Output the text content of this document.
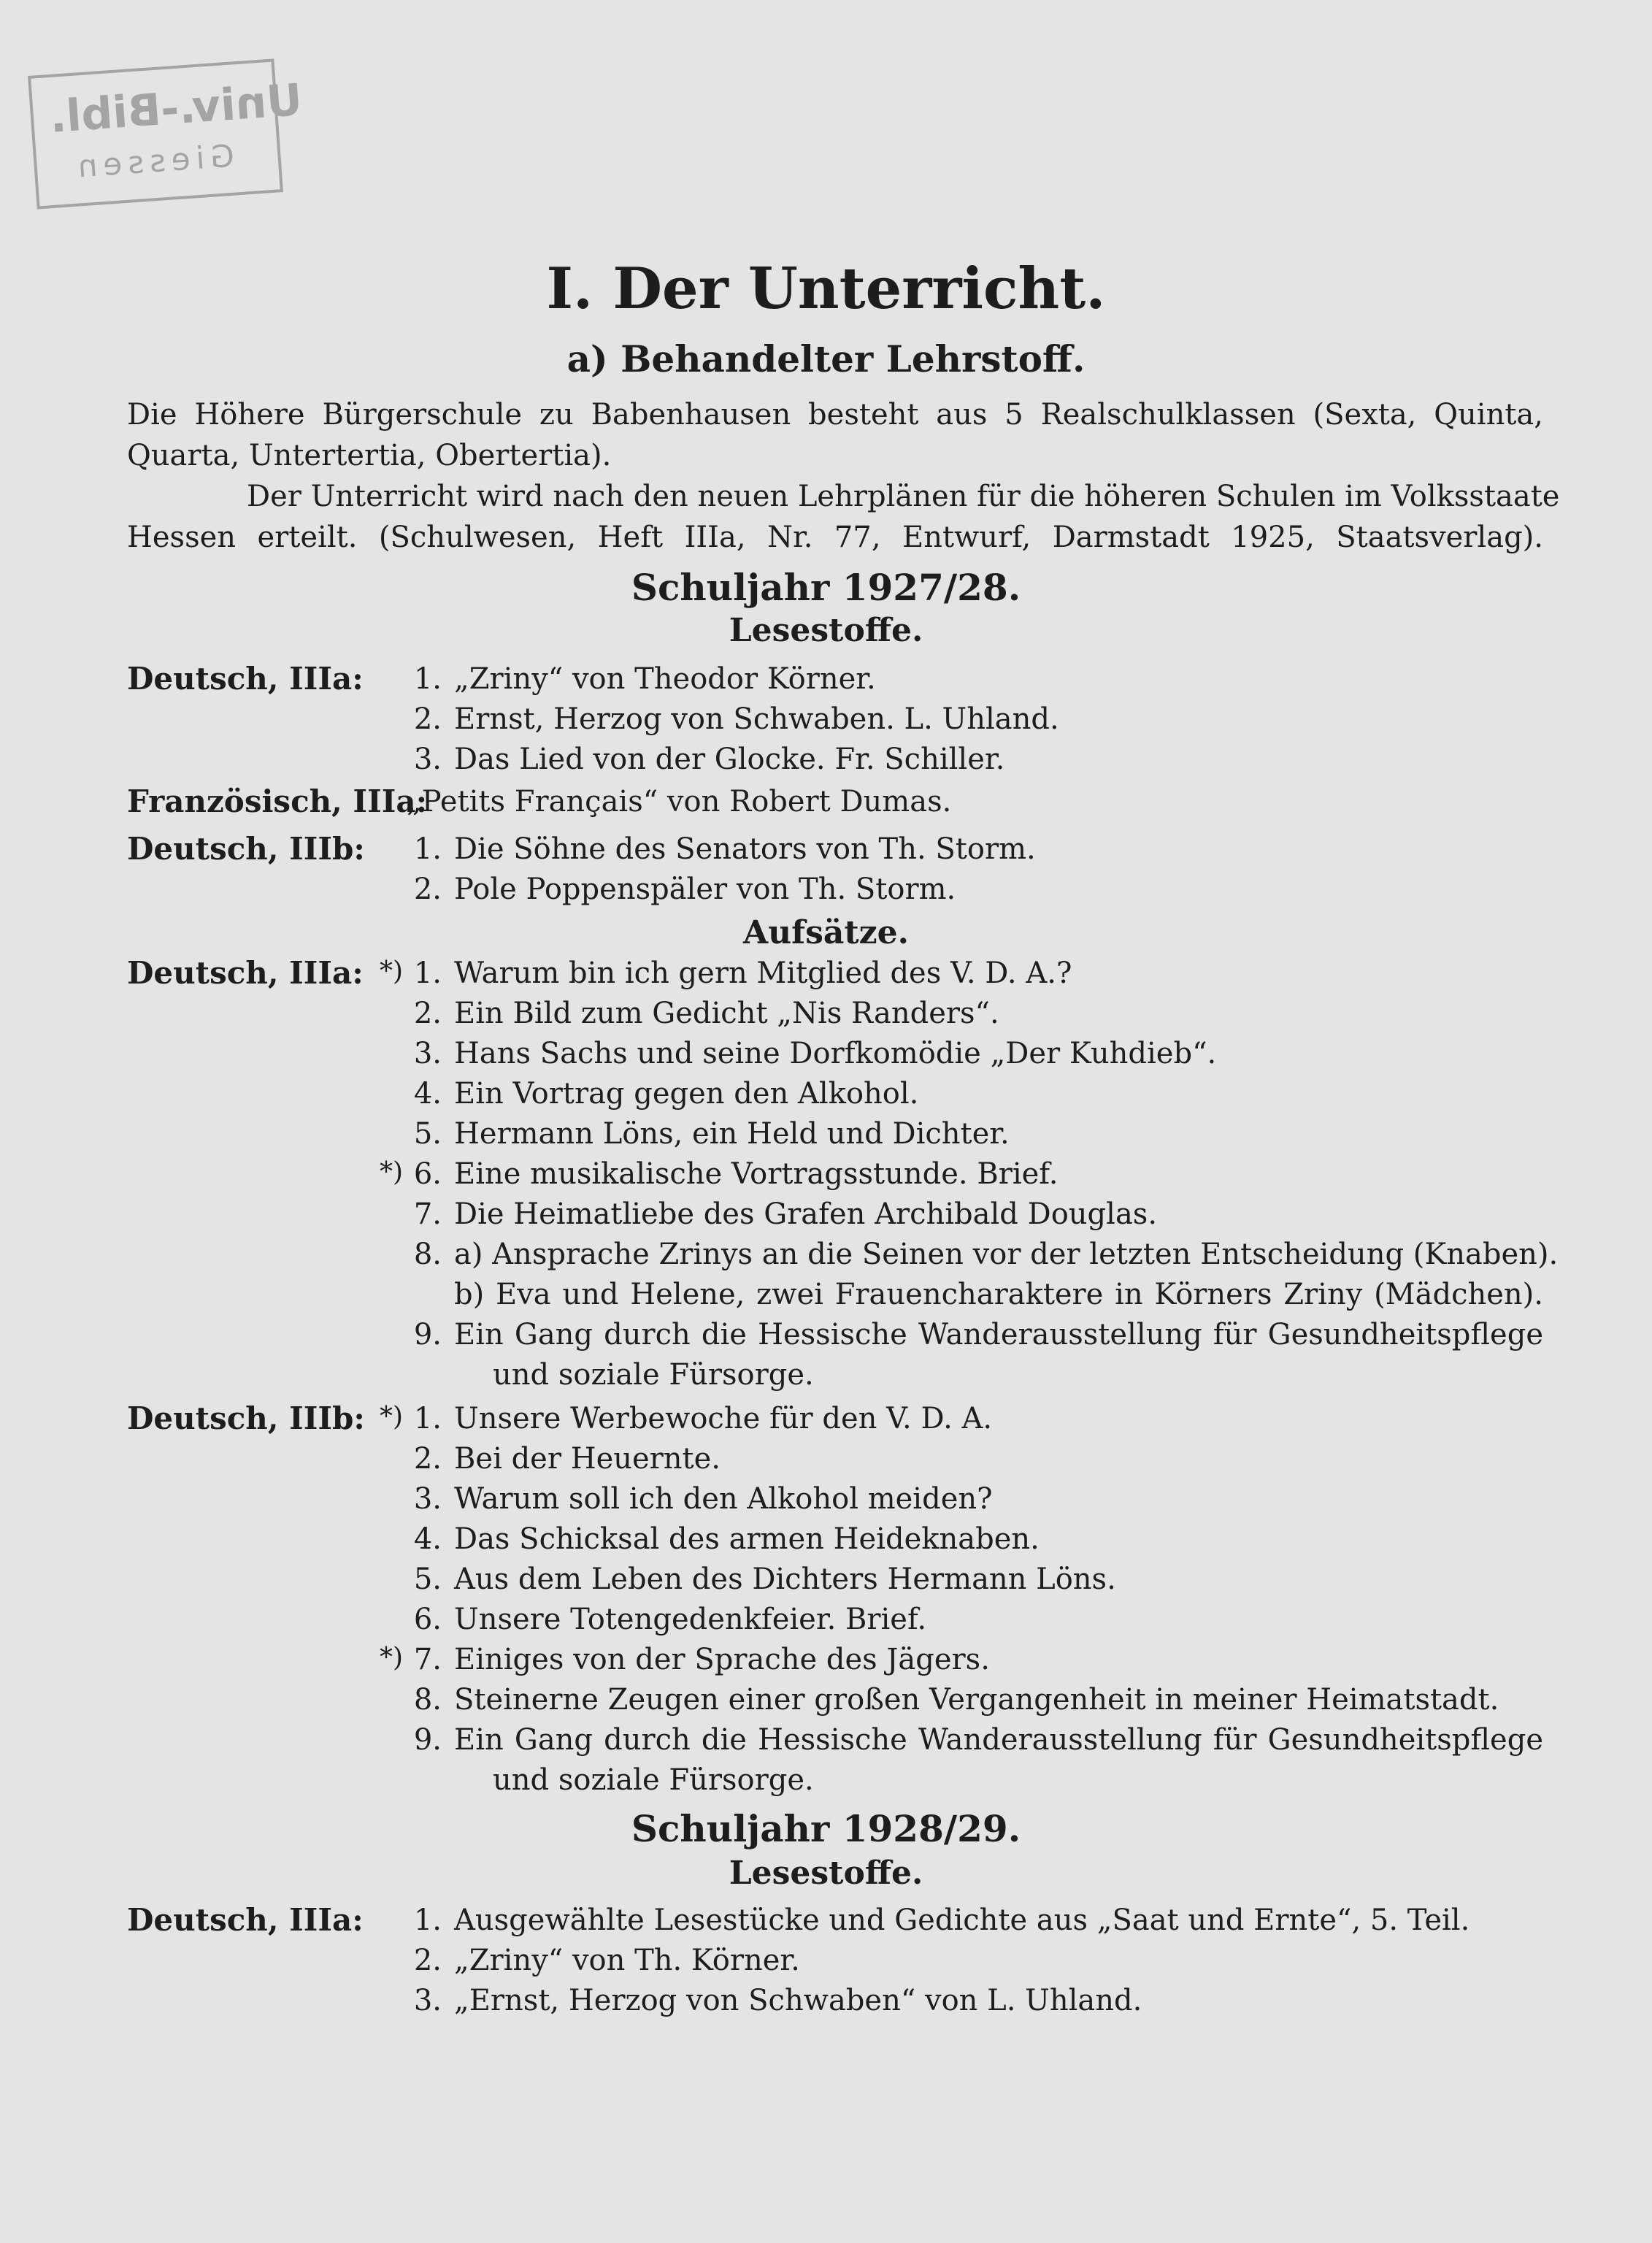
Univ.-Bibl.
Giessen
I. Der Unterricht.
a) Behandelter Lehrstoff.
Die Höhere Bürgerschule zu Babenhausen besteht aus 5 Realschulklassen (Sexta, Quinta,
Quarta, Untertertia, Obertertia).
Der Unterricht wird nach den neuen Lehrplänen für die höheren Schulen im Volksstaate
Hessen erteilt. (Schulwesen, Heft IIIa, Nr. 77, Entwurf, Darmstadt 1925, Staatsverlag).
Schuljahr 1927/28.
Lesestoffe.
Deutsch, IIIa:	1. „Zriny“ von Theodor Körner.
2. Ernst, Herzog von Schwaben. L. Uhland.
3. Das Lied von der Glocke. Fr. Schiller.
Französisch, IIIa:
„Petits Français“ von Robert Dumas.
Deutsch, IIIb:	1. Die Söhne des Senators von Th. Storm.
2. Pole Poppenspäler von Th. Storm.
Aufsätze.
Deutsch, IIIa: *) 1. Warum bin ich gern Mitglied des V. D. A.?
2. Ein Bild zum Gedicht „Nis Randers“.
3. Hans Sachs und seine Dorfkomödie „Der Kuhdieb“.
4. Ein Vortrag gegen den Alkohol.
5. Hermann Löns, ein Held und Dichter.
*) 6. Eine musikalische Vortragsstunde. Brief.
7. Die Heimatliebe des Grafen Archibald Douglas.
8. a) Ansprache Zrinys an die Seinen vor der letzten Entscheidung (Knaben).
b) Eva und Helene, zwei Frauencharaktere in Körners Zriny (Mädchen).
9. Ein Gang durch die Hessische Wanderausstellung für Gesundheitspflege
und soziale Fürsorge.
Deutsch, IIIb: *) 1. Unsere Werbewoche für den V. D. A.
2. Bei der Heuernte.
3. Warum soll ich den Alkohol meiden?
4. Das Schicksal des armen Heideknaben.
5. Aus dem Leben des Dichters Hermann Löns.
6. Unsere Totengedenkfeier. Brief.
*) 7. Einiges von der Sprache des Jägers.
8. Steinerne Zeugen einer großen Vergangenheit in meiner Heimatstadt.
9. Ein Gang durch die Hessische Wanderausstellung für Gesundheitspflege
und soziale Fürsorge.
Schuljahr 1928/29.
Lesestoffe.
Deutsch, IIIa:	1. Ausgewählte Lesestücke und Gedichte aus „Saat und Ernte“, 5. Teil.
2. „Zriny“ von Th. Körner.
3. „Ernst, Herzog von Schwaben“ von L. Uhland.
